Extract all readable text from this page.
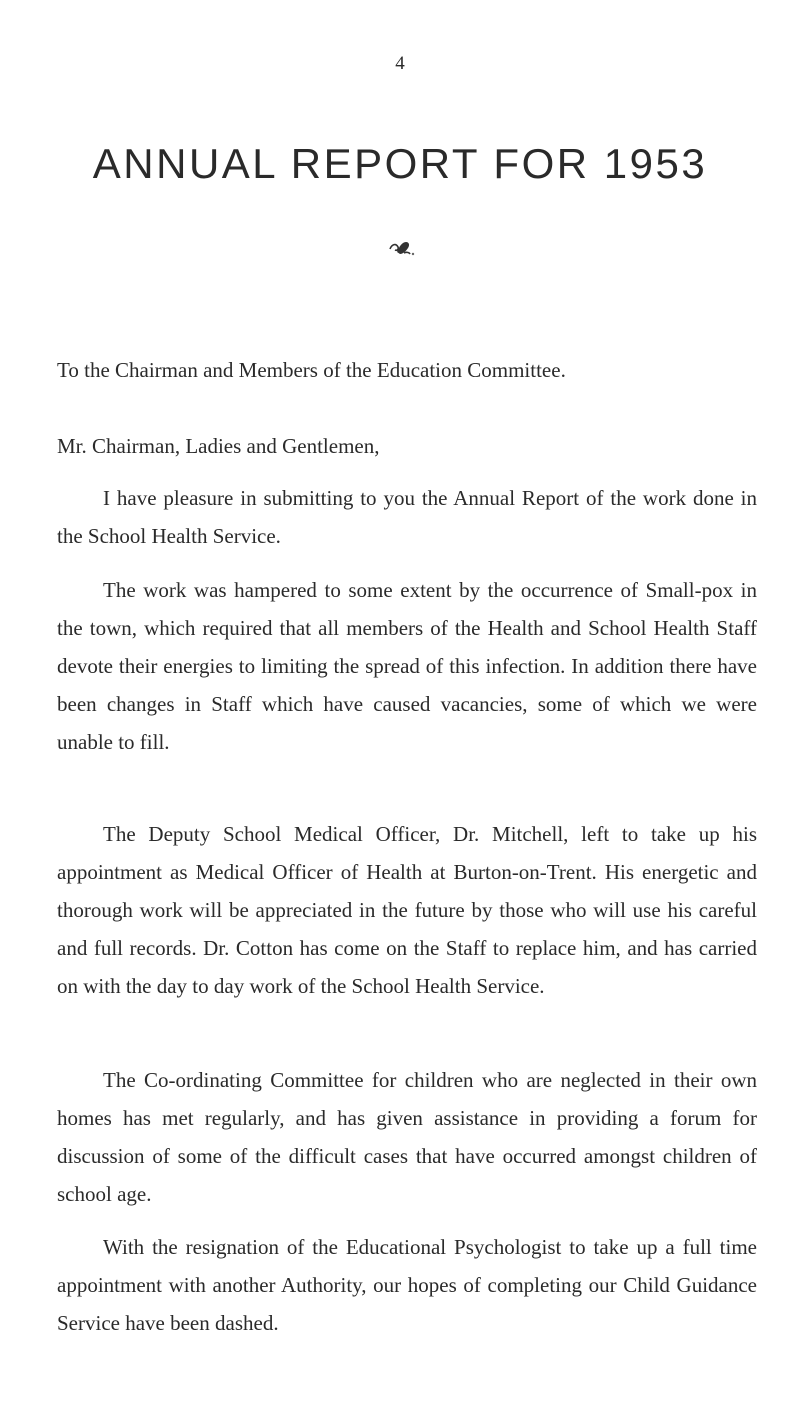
4
ANNUAL REPORT FOR 1953

To the Chairman and Members of the Education Committee.

Mr. Chairman, Ladies and Gentlemen,

I have pleasure in submitting to you the Annual Report of the work done in the School Health Service.

The work was hampered to some extent by the occurrence of Small-pox in the town, which required that all members of the Health and School Health Staff devote their energies to limiting the spread of this infection. In addition there have been changes in Staff which have caused vacancies, some of which we were unable to fill.

The Deputy School Medical Officer, Dr. Mitchell, left to take up his appointment as Medical Officer of Health at Burton-on-Trent. His energetic and thorough work will be appreciated in the future by those who will use his careful and full records. Dr. Cotton has come on the Staff to replace him, and has carried on with the day to day work of the School Health Service.

The Co-ordinating Committee for children who are neglected in their own homes has met regularly, and has given assistance in providing a forum for discussion of some of the difficult cases that have occurred amongst children of school age.

With the resignation of the Educational Psychologist to take up a full time appointment with another Authority, our hopes of completing our Child Guidance Service have been dashed.
